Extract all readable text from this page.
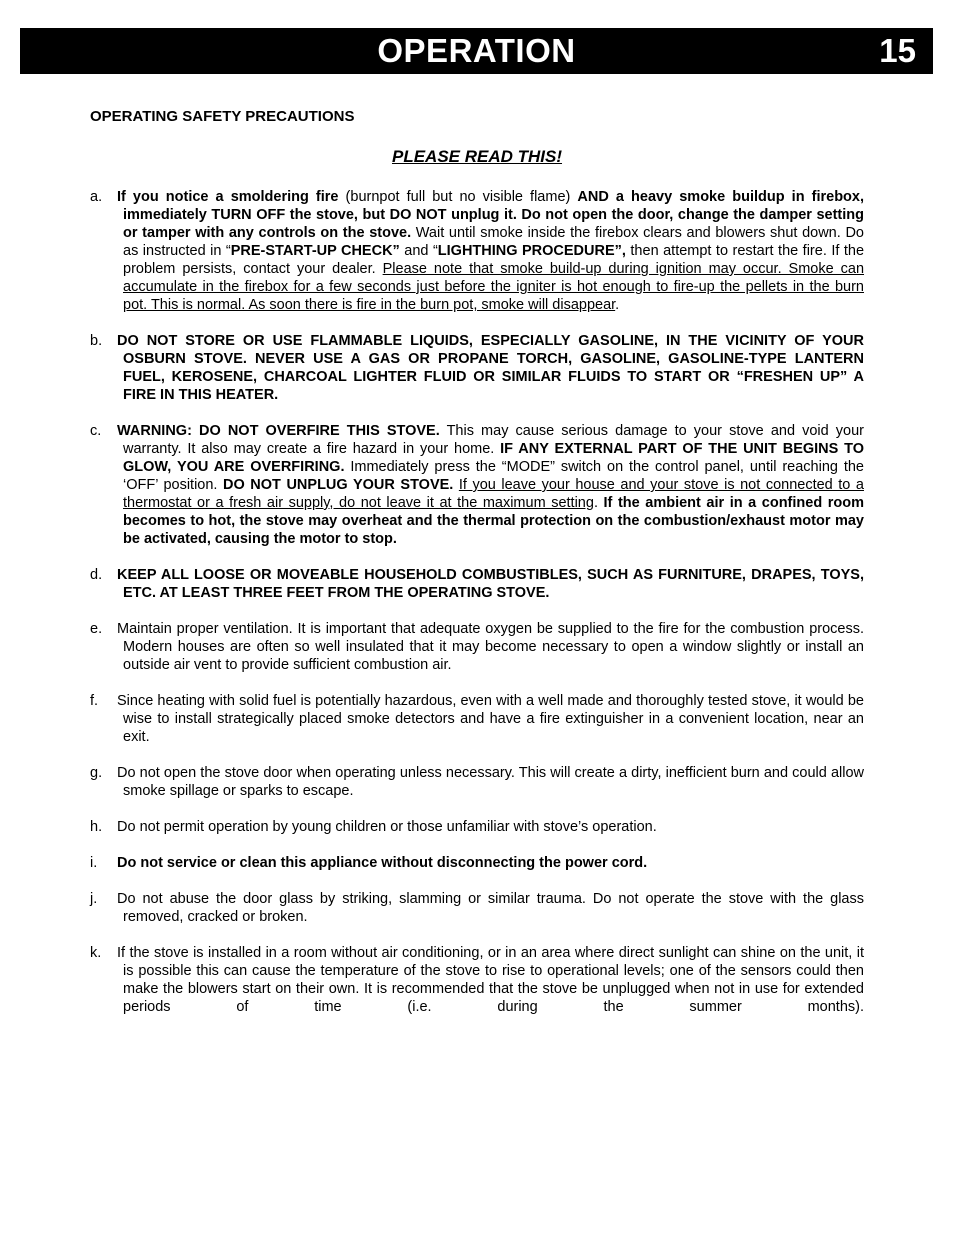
OPERATION	15
OPERATING SAFETY PRECAUTIONS
PLEASE READ THIS!
a.	If you notice a smoldering fire (burnpot full but no visible flame) AND a heavy smoke buildup in firebox, immediately TURN OFF the stove, but DO NOT unplug it. Do not open the door, change the damper setting or tamper with any controls on the stove. Wait until smoke inside the firebox clears and blowers shut down. Do as instructed in “PRE-START-UP CHECK” and “LIGHTHING PROCEDURE”, then attempt to restart the fire. If the problem persists, contact your dealer. Please note that smoke build-up during ignition may occur. Smoke can accumulate in the firebox for a few seconds just before the igniter is hot enough to fire-up the pellets in the burn pot. This is normal. As soon there is fire in the burn pot, smoke will disappear.
b.	DO NOT STORE OR USE FLAMMABLE LIQUIDS, ESPECIALLY GASOLINE, IN THE VICINITY OF YOUR OSBURN STOVE. NEVER USE A GAS OR PROPANE TORCH, GASOLINE, GASOLINE-TYPE LANTERN FUEL, KEROSENE, CHARCOAL LIGHTER FLUID OR SIMILAR FLUIDS TO START OR “FRESHEN UP” A FIRE IN THIS HEATER.
c.	WARNING: DO NOT OVERFIRE THIS STOVE. This may cause serious damage to your stove and void your warranty. It also may create a fire hazard in your home. IF ANY EXTERNAL PART OF THE UNIT BEGINS TO GLOW, YOU ARE OVERFIRING. Immediately press the “MODE” switch on the control panel, until reaching the ‘OFF’ position. DO NOT UNPLUG YOUR STOVE. If you leave your house and your stove is not connected to a thermostat or a fresh air supply, do not leave it at the maximum setting. If the ambient air in a confined room becomes to hot, the stove may overheat and the thermal protection on the combustion/exhaust motor may be activated, causing the motor to stop.
d.	KEEP ALL LOOSE OR MOVEABLE HOUSEHOLD COMBUSTIBLES, SUCH AS FURNITURE, DRAPES, TOYS, ETC. AT LEAST THREE FEET FROM THE OPERATING STOVE.
e.	Maintain proper ventilation. It is important that adequate oxygen be supplied to the fire for the combustion process. Modern houses are often so well insulated that it may become necessary to open a window slightly or install an outside air vent to provide sufficient combustion air.
f.	Since heating with solid fuel is potentially hazardous, even with a well made and thoroughly tested stove, it would be wise to install strategically placed smoke detectors and have a fire extinguisher in a convenient location, near an exit.
g.	Do not open the stove door when operating unless necessary. This will create a dirty, inefficient burn and could allow smoke spillage or sparks to escape.
h.	Do not permit operation by young children or those unfamiliar with stove’s operation.
i.	Do not service or clean this appliance without disconnecting the power cord.
j.	Do not abuse the door glass by striking, slamming or similar trauma. Do not operate the stove with the glass removed, cracked or broken.
k.	If the stove is installed in a room without air conditioning, or in an area where direct sunlight can shine on the unit, it is possible this can cause the temperature of the stove to rise to operational levels; one of the sensors could then make the blowers start on their own. It is recommended that the stove be unplugged when not in use for extended periods of time (i.e. during the summer months).
